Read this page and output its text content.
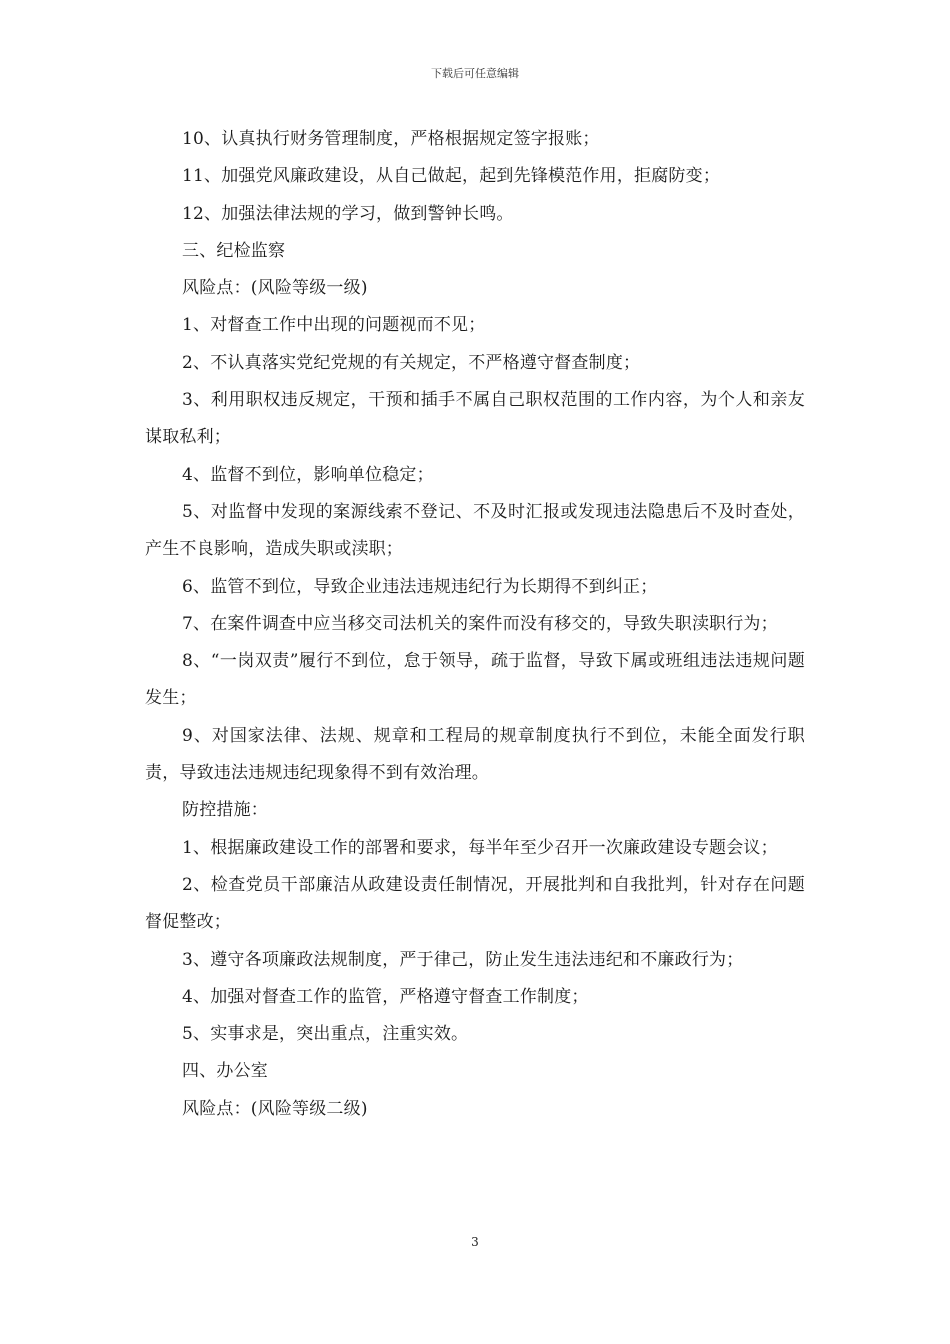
下载后可任意编辑

10、认真执行财务管理制度，严格根据规定签字报账；

11、加强党风廉政建设，从自己做起，起到先锋模范作用，拒腐防变；

12、加强法律法规的学习，做到警钟长鸣。

三、纪检监察

风险点：(风险等级一级)

1、对督查工作中出现的问题视而不见；

2、不认真落实党纪党规的有关规定，不严格遵守督查制度；

3、利用职权违反规定，干预和插手不属自己职权范围的工作内容，为个人和亲友谋取私利；

4、监督不到位，影响单位稳定；

5、对监督中发现的案源线索不登记、不及时汇报或发现违法隐患后不及时查处，产生不良影响，造成失职或渎职；

6、监管不到位，导致企业违法违规违纪行为长期得不到纠正；

7、在案件调查中应当移交司法机关的案件而没有移交的，导致失职渎职行为；

8、“一岗双责”履行不到位，怠于领导，疏于监督，导致下属或班组违法违规问题发生；

9、对国家法律、法规、规章和工程局的规章制度执行不到位，未能全面发行职责，导致违法违规违纪现象得不到有效治理。

防控措施：

1、根据廉政建设工作的部署和要求，每半年至少召开一次廉政建设专题会议；

2、检查党员干部廉洁从政建设责任制情况，开展批判和自我批判，针对存在问题督促整改；

3、遵守各项廉政法规制度，严于律己，防止发生违法违纪和不廉政行为；

4、加强对督查工作的监管，严格遵守督查工作制度；

5、实事求是，突出重点，注重实效。

四、办公室

风险点：(风险等级二级)

3
